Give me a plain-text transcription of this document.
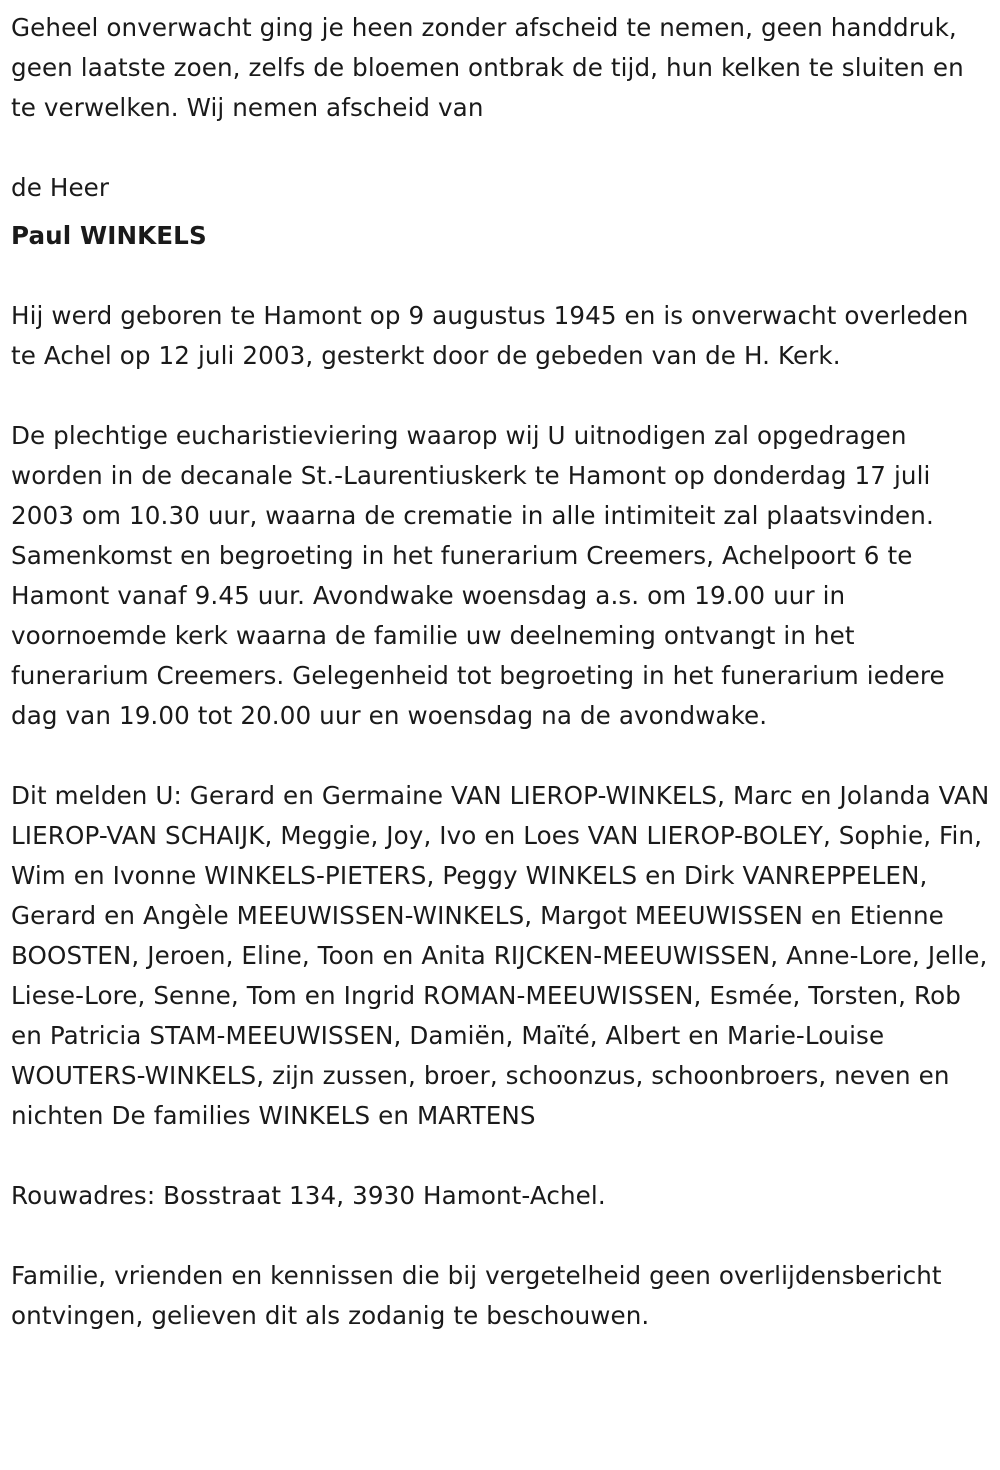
Geheel onverwacht ging je heen zonder afscheid te nemen, geen handdruk, geen laatste zoen, zelfs de bloemen ontbrak de tijd, hun kelken te sluiten en te verwelken. Wij nemen afscheid van

de Heer

Paul WINKELS

Hij werd geboren te Hamont op 9 augustus 1945 en is onverwacht overleden te Achel op 12 juli 2003, gesterkt door de gebeden van de H. Kerk.

De plechtige eucharistieviering waarop wij U uitnodigen zal opgedragen worden in de decanale St.-Laurentiuskerk te Hamont op donderdag 17 juli 2003 om 10.30 uur, waarna de crematie in alle intimiteit zal plaatsvinden. Samenkomst en begroeting in het funerarium Creemers, Achelpoort 6 te Hamont vanaf 9.45 uur. Avondwake woensdag a.s. om 19.00 uur in voornoemde kerk waarna de familie uw deelneming ontvangt in het funerarium Creemers. Gelegenheid tot begroeting in het funerarium iedere dag van 19.00 tot 20.00 uur en woensdag na de avondwake.

Dit melden U: Gerard en Germaine VAN LIEROP-WINKELS, Marc en Jolanda VAN LIEROP-VAN SCHAIJK, Meggie, Joy, Ivo en Loes VAN LIEROP-BOLEY, Sophie, Fin, Wim en Ivonne WINKELS-PIETERS, Peggy WINKELS en Dirk VANREPPELEN, Gerard en Angèle MEEUWISSEN-WINKELS, Margot MEEUWISSEN en Etienne BOOSTEN, Jeroen, Eline, Toon en Anita RIJCKEN-MEEUWISSEN, Anne-Lore, Jelle, Liese-Lore, Senne, Tom en Ingrid ROMAN-MEEUWISSEN, Esmée, Torsten, Rob en Patricia STAM-MEEUWISSEN, Damiën, Maïté, Albert en Marie-Louise WOUTERS-WINKELS, zijn zussen, broer, schoonzus, schoonbroers, neven en nichten De families WINKELS en MARTENS

Rouwadres: Bosstraat 134, 3930 Hamont-Achel.

Familie, vrienden en kennissen die bij vergetelheid geen overlijdensbericht ontvingen, gelieven dit als zodanig te beschouwen.
